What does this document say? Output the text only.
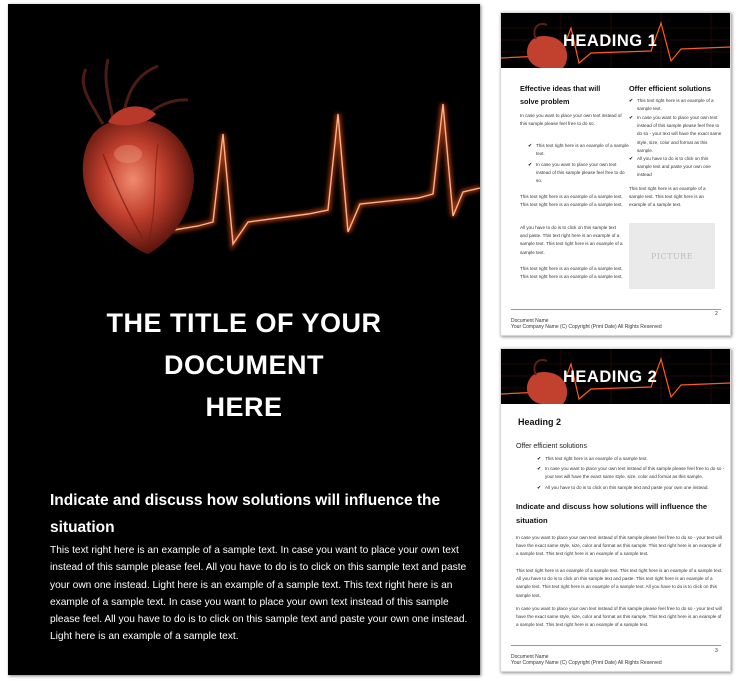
THE TITLE OF YOUR
DOCUMENT
HERE
Indicate and discuss how solutions will influence the situation
This text right here is an example of a sample text. In case you want to place your own text instead of this sample please feel. All you have to do is to click on this sample text and paste your own one instead. Light here is an example of a sample text. This text right here is an example of a sample text. In case you want to place your own text instead of this sample please feel. All you have to do is to click on this sample text and paste your own one instead. Light here is an example of a sample text.
HEADING 1
Effective ideas that will solve problem
In case you want to place your own text instead of this sample please feel free to do so.
✔ This text right here is an example of a sample text.
✔ In case you want to place your own text instead of this sample please feel free to do so.
This text right here is an example of a sample text. This text right here is an example of a sample text.
All you have to do is to click on this sample text and paste. This text right here is an example of a sample text. This text right here is an example of a sample text.
This text right here is an example of a sample text. This text right here is an example of a sample text.
Offer efficient solutions
✔ This text right here is an example of a sample text.
✔ In case you want to place your own text instead of this sample please feel free to do so - your text will have the exact same style, size, color and format as this sample.
✔ All you have to do is to click on this sample text and paste your own one instead
This text right here is an example of a sample text. This text right here is an example of a sample text.
PICTURE
2
Document Name
Your Company Name (C) Copyright (Print Date) All Rights Reserved
HEADING 2
Heading 2
Offer efficient solutions
✔ This text right here is an example of a sample text.
✔ In case you want to place your own text instead of this sample please feel free to do so - your text will have the exact same style, size, color and format as this sample.
✔ All you have to do is to click on this sample text and paste your own one instead.
Indicate and discuss how solutions will influence the situation
In case you want to place your own text instead of this sample please feel free to do so - your text will have the exact same style, size, color and format as this sample. This text right here is an example of a sample text. This text right here is an example of a sample text.
This text right here is an example of a sample text. This text right here is an example of a sample text. All you have to do is to click on this sample text and paste. This text right here is an example of a sample text. This text right here is an example of a sample text. All you have to do is to click on this sample text.
In case you want to place your own text instead of this sample please feel free to do so - your text will have the exact same style, size, color and format as this sample. This text right here is an example of a sample text. This text right here is an example of a sample text.
3
Document Name
Your Company Name (C) Copyright (Print Date) All Rights Reserved
